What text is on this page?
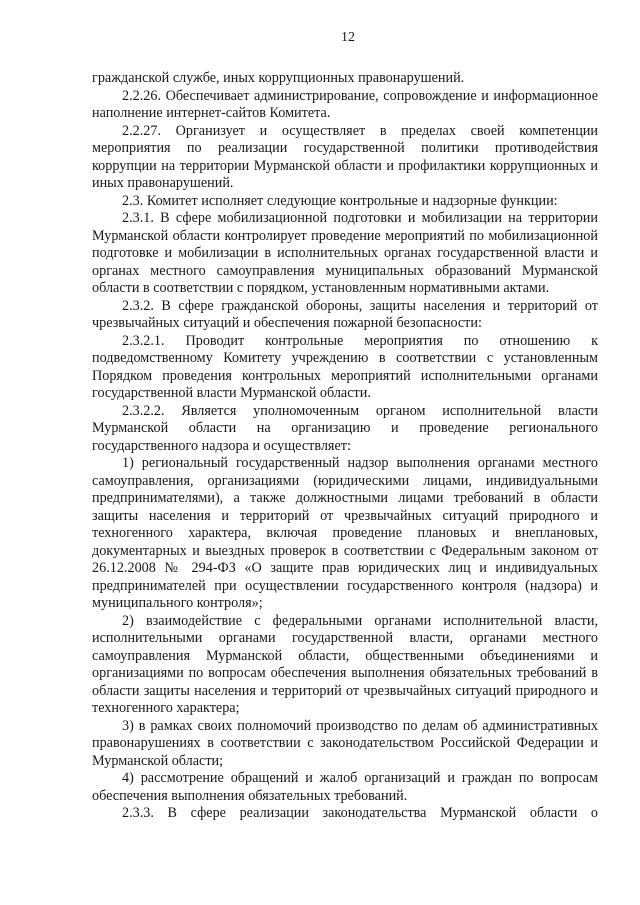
12

гражданской службе, иных коррупционных правонарушений.

2.2.26. Обеспечивает администрирование, сопровождение и информационное наполнение интернет-сайтов Комитета.

2.2.27. Организует и осуществляет в пределах своей компетенции мероприятия по реализации государственной политики противодействия коррупции на территории Мурманской области и профилактики коррупционных и иных правонарушений.

2.3. Комитет исполняет следующие контрольные и надзорные функции:

2.3.1. В сфере мобилизационной подготовки и мобилизации на территории Мурманской области контролирует проведение мероприятий по мобилизационной подготовке и мобилизации в исполнительных органах государственной власти и органах местного самоуправления муниципальных образований Мурманской области в соответствии с порядком, установленным нормативными актами.

2.3.2. В сфере гражданской обороны, защиты населения и территорий от чрезвычайных ситуаций и обеспечения пожарной безопасности:

2.3.2.1. Проводит контрольные мероприятия по отношению к подведомственному Комитету учреждению в соответствии с установленным Порядком проведения контрольных мероприятий исполнительными органами государственной власти Мурманской области.

2.3.2.2. Является уполномоченным органом исполнительной власти Мурманской области на организацию и проведение регионального государственного надзора и осуществляет:

1) региональный государственный надзор выполнения органами местного самоуправления, организациями (юридическими лицами, индивидуальными предпринимателями), а также должностными лицами требований в области защиты населения и территорий от чрезвычайных ситуаций природного и техногенного характера, включая проведение плановых и внеплановых, документарных и выездных проверок в соответствии с Федеральным законом от 26.12.2008 № 294-ФЗ «О защите прав юридических лиц и индивидуальных предпринимателей при осуществлении государственного контроля (надзора) и муниципального контроля»;

2) взаимодействие с федеральными органами исполнительной власти, исполнительными органами государственной власти, органами местного самоуправления Мурманской области, общественными объединениями и организациями по вопросам обеспечения выполнения обязательных требований в области защиты населения и территорий от чрезвычайных ситуаций природного и техногенного характера;

3) в рамках своих полномочий производство по делам об административных правонарушениях в соответствии с законодательством Российской Федерации и Мурманской области;

4) рассмотрение обращений и жалоб организаций и граждан по вопросам обеспечения выполнения обязательных требований.

2.3.3. В сфере реализации законодательства Мурманской области о
